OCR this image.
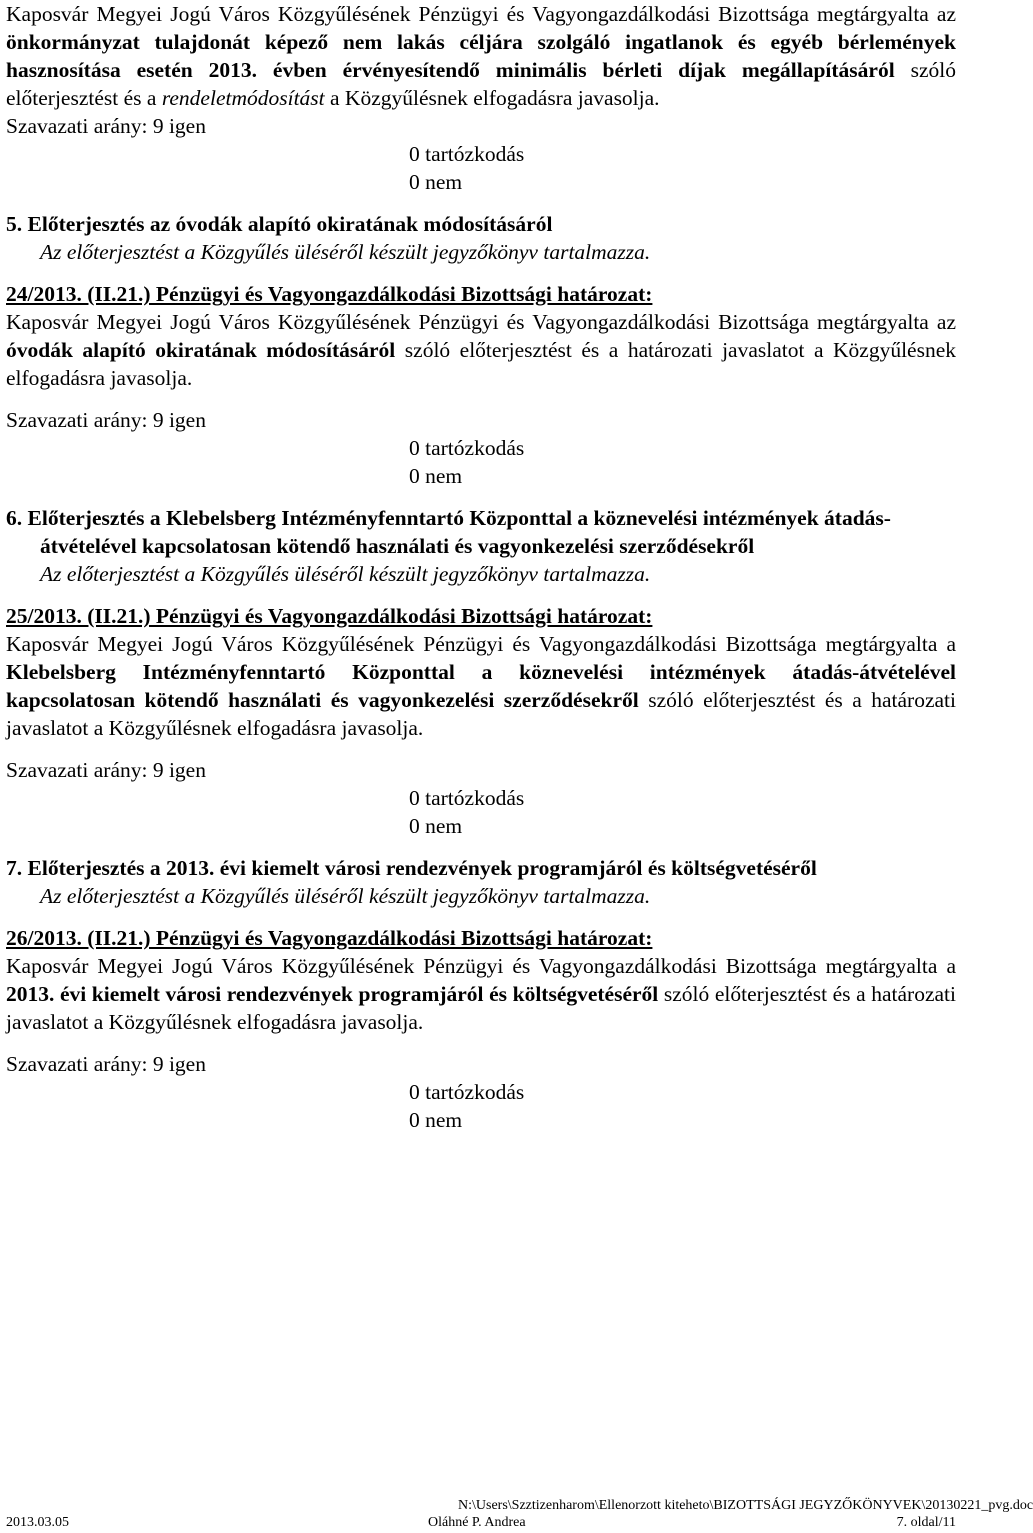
Kaposvár Megyei Jogú Város Közgyűlésének Pénzügyi és Vagyongazdálkodási Bizottsága megtárgyalta az önkormányzat tulajdonát képező nem lakás céljára szolgáló ingatlanok és egyéb bérlemények hasznosítása esetén 2013. évben érvényesítendő minimális bérleti díjak megállapításáról szóló előterjesztést és a rendeletmódosítást a Közgyűlésnek elfogadásra javasolja.

Szavazati arány: 9 igen
0 tartózkodás
0 nem

5. Előterjesztés az óvodák alapító okiratának módosításáról

Az előterjesztést a Közgyűlés üléséről készült jegyzőkönyv tartalmazza.

24/2013. (II.21.) Pénzügyi és Vagyongazdálkodási Bizottsági határozat:

Kaposvár Megyei Jogú Város Közgyűlésének Pénzügyi és Vagyongazdálkodási Bizottsága megtárgyalta az óvodák alapító okiratának módosításáról szóló előterjesztést és a határozati javaslatot a Közgyűlésnek elfogadásra javasolja.

Szavazati arány: 9 igen
0 tartózkodás
0 nem

6. Előterjesztés a Klebelsberg Intézményfenntartó Központtal a köznevelési intézmények átadás-átvételével kapcsolatosan kötendő használati és vagyonkezelési szerződésekről

Az előterjesztést a Közgyűlés üléséről készült jegyzőkönyv tartalmazza.

25/2013. (II.21.) Pénzügyi és Vagyongazdálkodási Bizottsági határozat:

Kaposvár Megyei Jogú Város Közgyűlésének Pénzügyi és Vagyongazdálkodási Bizottsága megtárgyalta a Klebelsberg Intézményfenntartó Központtal a köznevelési intézmények átadás-átvételével kapcsolatosan kötendő használati és vagyonkezelési szerződésekről szóló előterjesztést és a határozati javaslatot a Közgyűlésnek elfogadásra javasolja.

Szavazati arány: 9 igen
0 tartózkodás
0 nem

7. Előterjesztés a 2013. évi kiemelt városi rendezvények programjáról és költségvetéséről

Az előterjesztést a Közgyűlés üléséről készült jegyzőkönyv tartalmazza.

26/2013. (II.21.) Pénzügyi és Vagyongazdálkodási Bizottsági határozat:

Kaposvár Megyei Jogú Város Közgyűlésének Pénzügyi és Vagyongazdálkodási Bizottsága megtárgyalta a 2013. évi kiemelt városi rendezvények programjáról és költségvetéséről szóló előterjesztést és a határozati javaslatot a Közgyűlésnek elfogadásra javasolja.

Szavazati arány: 9 igen
0 tartózkodás
0 nem
N:\Users\Szztizenharom\Ellenorzott kiteheto\BIZOTTSÁGI JEGYZŐKÖNYVEK\20130221_pvg.doc
2013.03.05	Oláhné P. Andrea	7. oldal/11
